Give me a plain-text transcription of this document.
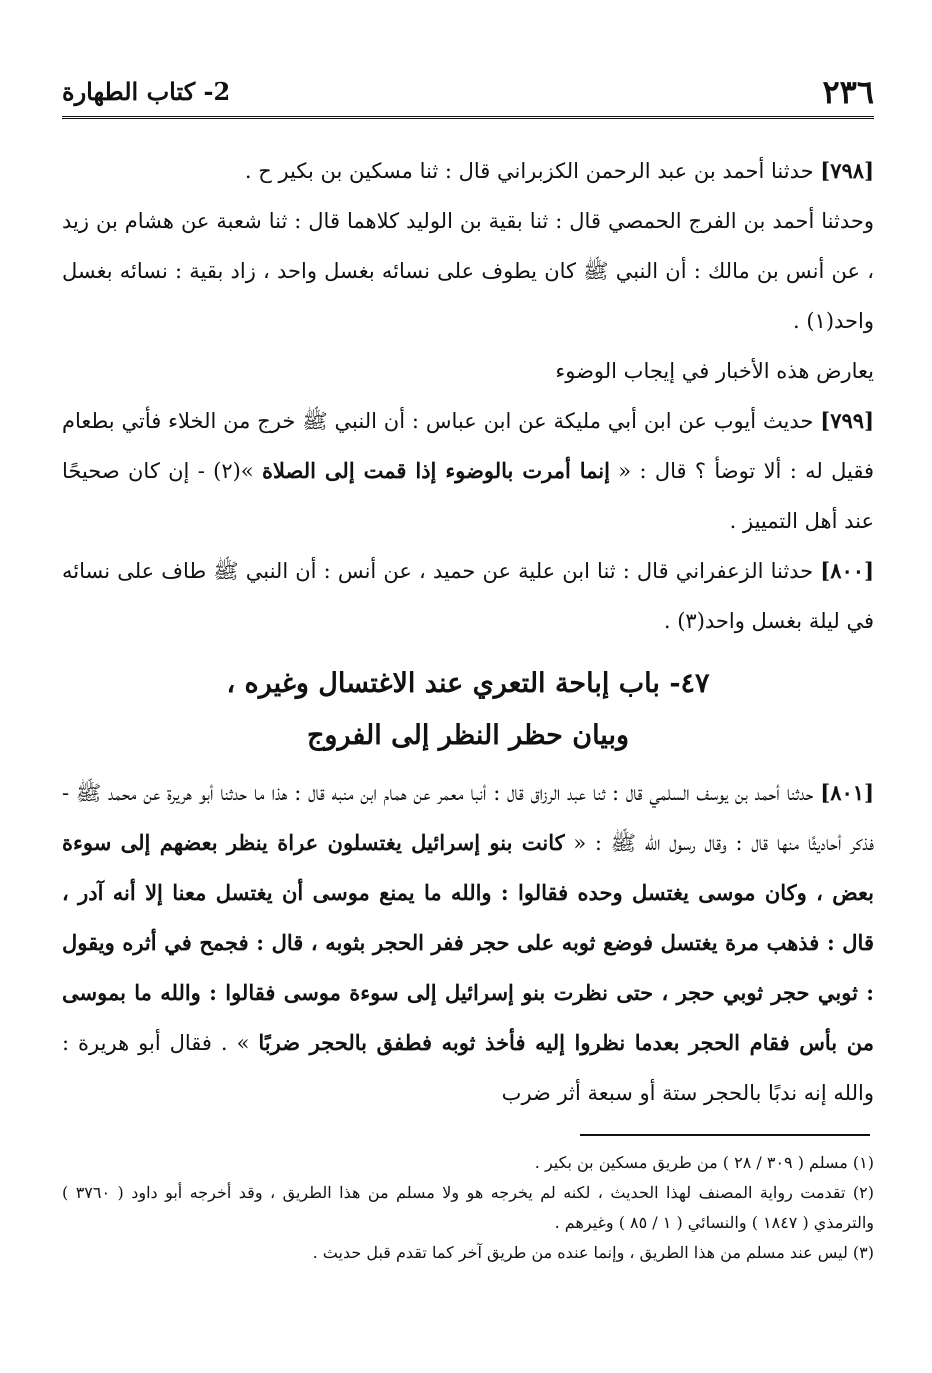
٢٣٦
2- كتاب الطهارة

[٧٩٨] حدثنا أحمد بن عبد الرحمن الكزبراني قال : ثنا مسكين بن بكير ح .

وحدثنا أحمد بن الفرج الحمصي قال : ثنا بقية بن الوليد كلاهما قال : ثنا شعبة عن هشام بن زيد ، عن أنس بن مالك : أن النبي ﷺ كان يطوف على نسائه بغسل واحد ، زاد بقية : نسائه بغسل واحد(١) .

يعارض هذه الأخبار في إيجاب الوضوء

[٧٩٩] حديث أيوب عن ابن أبي مليكة عن ابن عباس : أن النبي ﷺ خرج من الخلاء فأتي بطعام فقيل له : ألا توضأ ؟ قال : « إنما أمرت بالوضوء إذا قمت إلى الصلاة »(٢) - إن كان صحيحًا عند أهل التمييز .

[٨٠٠] حدثنا الزعفراني قال : ثنا ابن علية عن حميد ، عن أنس : أن النبي ﷺ طاف على نسائه في ليلة بغسل واحد(٣) .

٤٧- باب إباحة التعري عند الاغتسال وغيره ،
وبيان حظر النظر إلى الفروج

[٨٠١] حدثنا أحمد بن يوسف السلمي قال : ثنا عبد الرزاق قال : أنبا معمر عن همام ابن منبه قال : هذا ما حدثنا أبو هريرة عن محمد ﷺ - فذكر أحاديثًا منها قال : وقال رسول الله ﷺ : « كانت بنو إسرائيل يغتسلون عراة ينظر بعضهم إلى سوءة بعض ، وكان موسى يغتسل وحده فقالوا : والله ما يمنع موسى أن يغتسل معنا إلا أنه آدر ، قال : فذهب مرة يغتسل فوضع ثوبه على حجر ففر الحجر بثوبه ، قال : فجمح في أثره ويقول : ثوبي حجر ثوبي حجر ، حتى نظرت بنو إسرائيل إلى سوءة موسى فقالوا : والله ما بموسى من بأس فقام الحجر بعدما نظروا إليه فأخذ ثوبه فطفق بالحجر ضربًا » . فقال أبو هريرة : والله إنه ندبًا بالحجر ستة أو سبعة أثر ضرب

(١) مسلم ( ٣٠٩ / ٢٨ ) من طريق مسكين بن بكير .

(٢) تقدمت رواية المصنف لهذا الحديث ، لكنه لم يخرجه هو ولا مسلم من هذا الطريق ، وقد أخرجه أبو داود ( ٣٧٦٠ ) والترمذي ( ١٨٤٧ ) والنسائي ( ١ / ٨٥ ) وغيرهم .

(٣) ليس عند مسلم من هذا الطريق ، وإنما عنده من طريق آخر كما تقدم قبل حديث .
